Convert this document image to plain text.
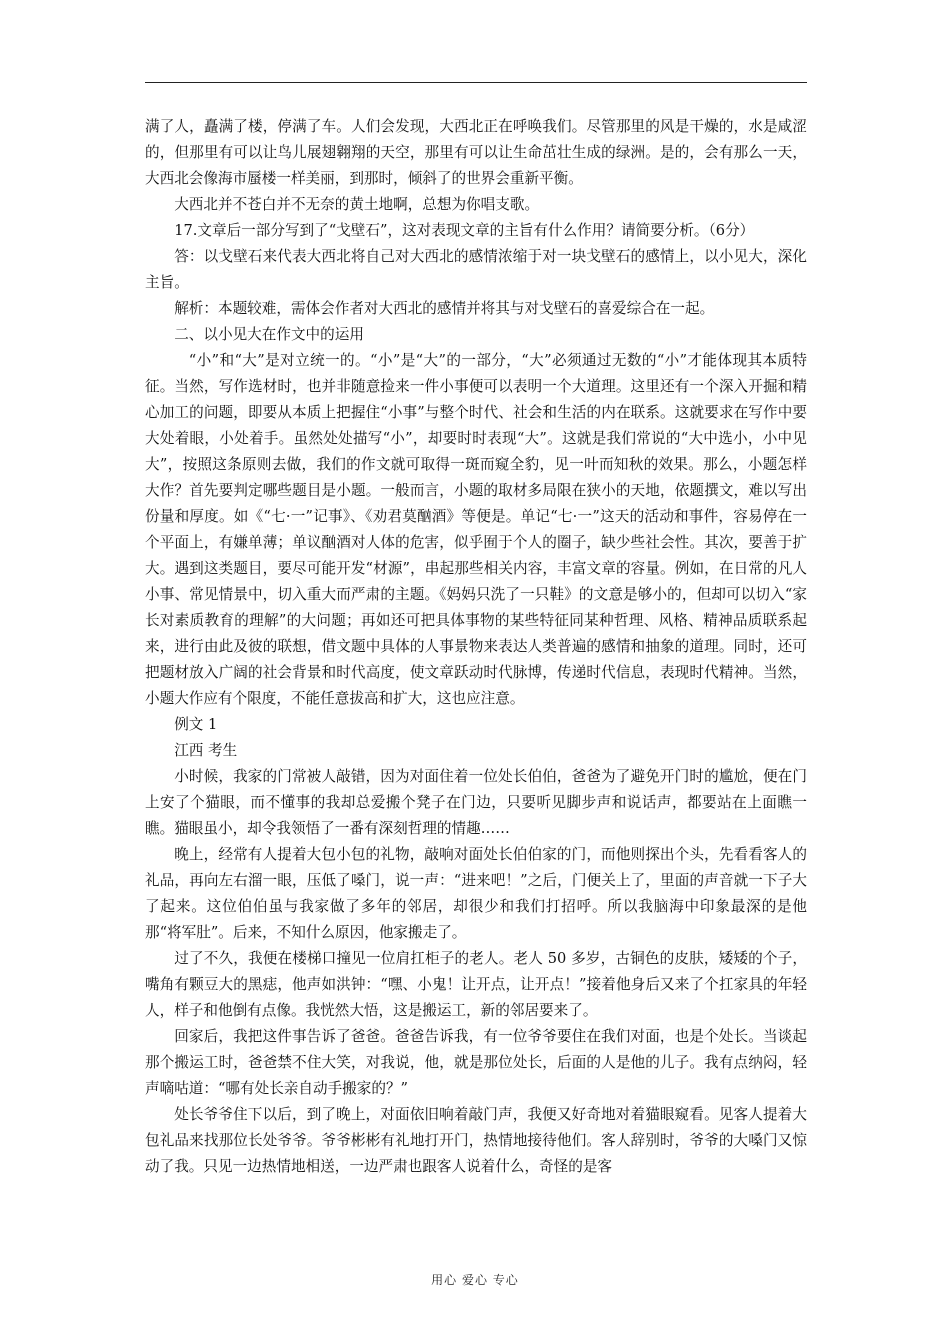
满了人，矗满了楼，停满了车。人们会发现，大西北正在呼唤我们。尽管那里的风是干燥的，水是咸涩的，但那里有可以让鸟儿展翅翱翔的天空，那里有可以让生命茁壮生成的绿洲。是的，会有那么一天，大西北会像海市蜃楼一样美丽，到那时，倾斜了的世界会重新平衡。

大西北并不苍白并不无奈的黄土地啊，总想为你唱支歌。

17.文章后一部分写到了“戈壁石”，这对表现文章的主旨有什么作用？请简要分析。（6分）

答：以戈壁石来代表大西北将自己对大西北的感情浓缩于对一块戈壁石的感情上，以小见大，深化主旨。

解析：本题较难，需体会作者对大西北的感情并将其与对戈壁石的喜爱综合在一起。

二、以小见大在作文中的运用

“小”和“大”是对立统一的。“小”是“大”的一部分，“大”必须通过无数的“小”才能体现其本质特征。当然，写作选材时，也并非随意捡来一件小事便可以表明一个大道理。这里还有一个深入开掘和精心加工的问题，即要从本质上把握住“小事”与整个时代、社会和生活的内在联系。这就要求在写作中要大处着眼，小处着手。虽然处处描写“小”，却要时时表现“大”。这就是我们常说的“大中选小，小中见大”，按照这条原则去做，我们的作文就可取得一斑而窥全豹，见一叶而知秋的效果。那么，小题怎样大作？首先要判定哪些题目是小题。一般而言，小题的取材多局限在狭小的天地，依题撰文，难以写出份量和厚度。如《“七·一”记事》、《劝君莫酗酒》等便是。单记“七·一”这天的活动和事件，容易停在一个平面上，有嫌单薄；单议酗酒对人体的危害，似乎囿于个人的圈子，缺少些社会性。其次，要善于扩大。遇到这类题目，要尽可能开发“材源”，串起那些相关内容，丰富文章的容量。例如，在日常的凡人小事、常见情景中，切入重大而严肃的主题。《妈妈只洗了一只鞋》的文意是够小的，但却可以切入“家长对素质教育的理解”的大问题；再如还可把具体事物的某些特征同某种哲理、风格、精神品质联系起来，进行由此及彼的联想，借文题中具体的人事景物来表达人类普遍的感情和抽象的道理。同时，还可把题材放入广阔的社会背景和时代高度，使文章跃动时代脉博，传递时代信息，表现时代精神。当然，小题大作应有个限度，不能任意拔高和扩大，这也应注意。

例文 1

江西 考生

小时候，我家的门常被人敲错，因为对面住着一位处长伯伯，爸爸为了避免开门时的尴尬，便在门上安了个猫眼，而不懂事的我却总爱搬个凳子在门边，只要听见脚步声和说话声，都要站在上面瞧一瞧。猫眼虽小，却令我领悟了一番有深刻哲理的情趣……

晚上，经常有人提着大包小包的礼物，敲响对面处长伯伯家的门，而他则探出个头，先看看客人的礼品，再向左右溜一眼，压低了嗓门，说一声：“进来吧！”之后，门便关上了，里面的声音就一下子大了起来。这位伯伯虽与我家做了多年的邻居，却很少和我们打招呼。所以我脑海中印象最深的是他那“将军肚”。后来，不知什么原因，他家搬走了。

过了不久，我便在楼梯口撞见一位肩扛柜子的老人。老人 50 多岁，古铜色的皮肤，矮矮的个子，嘴角有颗豆大的黑痣，他声如洪钟：“嘿、小鬼！让开点，让开点！”接着他身后又来了个扛家具的年轻人，样子和他倒有点像。我恍然大悟，这是搬运工，新的邻居要来了。

回家后，我把这件事告诉了爸爸。爸爸告诉我，有一位爷爷要住在我们对面，也是个处长。当谈起那个搬运工时，爸爸禁不住大笑，对我说，他，就是那位处长，后面的人是他的儿子。我有点纳闷，轻声嘀咕道：“哪有处长亲自动手搬家的？”

处长爷爷住下以后，到了晚上，对面依旧响着敲门声，我便又好奇地对着猫眼窥看。见客人提着大包礼品来找那位长处爷爷。爷爷彬彬有礼地打开门，热情地接待他们。客人辞别时，爷爷的大嗓门又惊动了我。只见一边热情地相送，一边严肃也跟客人说着什么，奇怪的是客

用心 爱心 专心
